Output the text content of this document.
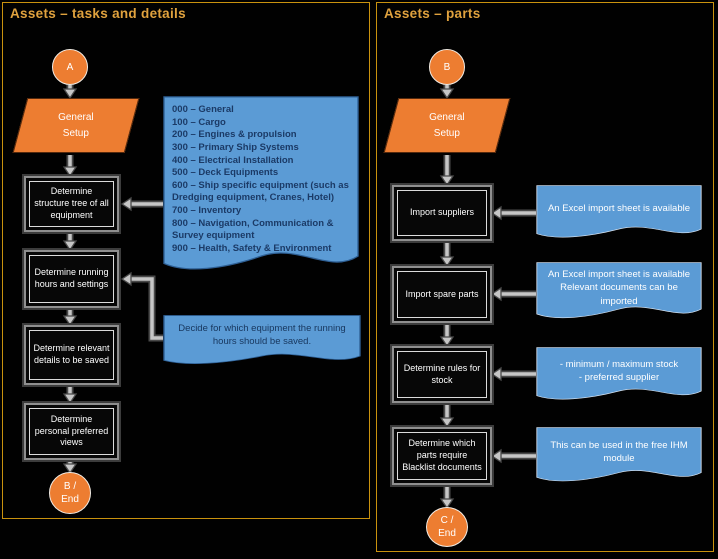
Assets – tasks and details	Assets – parts
A
General
Setup
Determine structure tree of all equipment
Determine running hours and settings
Determine relevant details to be saved
Determine personal preferred views
B /
End
000 – General
100 – Cargo
200 – Engines & propulsion
300 – Primary Ship Systems
400 – Electrical Installation
500 – Deck Equipments
600 – Ship specific equipment (such as Dredging equipment, Cranes, Hotel)
700 – Inventory
800 – Navigation, Communication & Survey equipment
900 – Health, Safety & Environment
Decide for which equipment the running hours should be saved.
B
General
Setup
Import suppliers
Import spare parts
Determine rules for stock
Determine which parts require Blacklist documents
C /
End
An Excel import sheet is available
An Excel import sheet is available
Relevant documents can be imported
- minimum / maximum stock
- preferred supplier
This can be used in the free IHM module
